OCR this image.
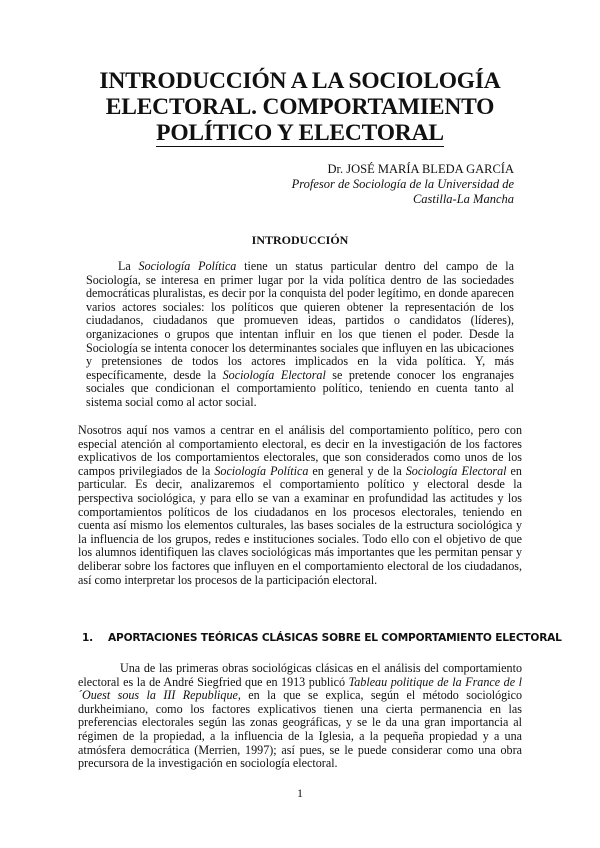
INTRODUCCIÓN A LA SOCIOLOGÍA
ELECTORAL. COMPORTAMIENTO
POLÍTICO Y ELECTORAL
Dr. JOSÉ MARÍA BLEDA GARCÍA
Profesor de Sociología de la Universidad de
Castilla-La Mancha
INTRODUCCIÓN

La Sociología Política tiene un status particular dentro del campo de la Sociología, se interesa en primer lugar por la vida política dentro de las sociedades democráticas pluralistas, es decir por la conquista del poder legítimo, en donde aparecen varios actores sociales: los políticos que quieren obtener la representación de los ciudadanos, ciudadanos que promueven ideas, partidos o candidatos (líderes), organizaciones o grupos que intentan influir en los que tienen el poder. Desde la Sociología se intenta conocer los determinantes sociales que influyen en las ubicaciones y pretensiones de todos los actores implicados en la vida política. Y, más específicamente, desde la Sociología Electoral se pretende conocer los engranajes sociales que condicionan el comportamiento político, teniendo en cuenta tanto al sistema social como al actor social.

Nosotros aquí nos vamos a centrar en el análisis del comportamiento político, pero con especial atención al comportamiento electoral, es decir en la investigación de los factores explicativos de los comportamientos electorales, que son considerados como unos de los campos privilegiados de la Sociología Política en general y de la Sociología Electoral en particular. Es decir, analizaremos el comportamiento político y electoral desde la perspectiva sociológica, y para ello se van a examinar en profundidad las actitudes y los comportamientos políticos de los ciudadanos en los procesos electorales, teniendo en cuenta así mismo los elementos culturales, las bases sociales de la estructura sociológica y la influencia de los grupos, redes e instituciones sociales. Todo ello con el objetivo de que los alumnos identifiquen las claves sociológicas más importantes que les permitan pensar y deliberar sobre los factores que influyen en el comportamiento electoral de los ciudadanos, así como interpretar los procesos de la participación electoral.

1. APORTACIONES TEÓRICAS CLÁSICAS SOBRE EL COMPORTAMIENTO ELECTORAL

Una de las primeras obras sociológicas clásicas en el análisis del comportamiento electoral es la de André Siegfried que en 1913 publicó Tableau politique de la France de l´Ouest sous la III Republique, en la que se explica, según el método sociológico durkheimiano, como los factores explicativos tienen una cierta permanencia en las preferencias electorales según las zonas geográficas, y se le da una gran importancia al régimen de la propiedad, a la influencia de la Iglesia, a la pequeña propiedad y a una atmósfera democrática (Merrien, 1997); así pues, se le puede considerar como una obra precursora de la investigación en sociología electoral.

1
